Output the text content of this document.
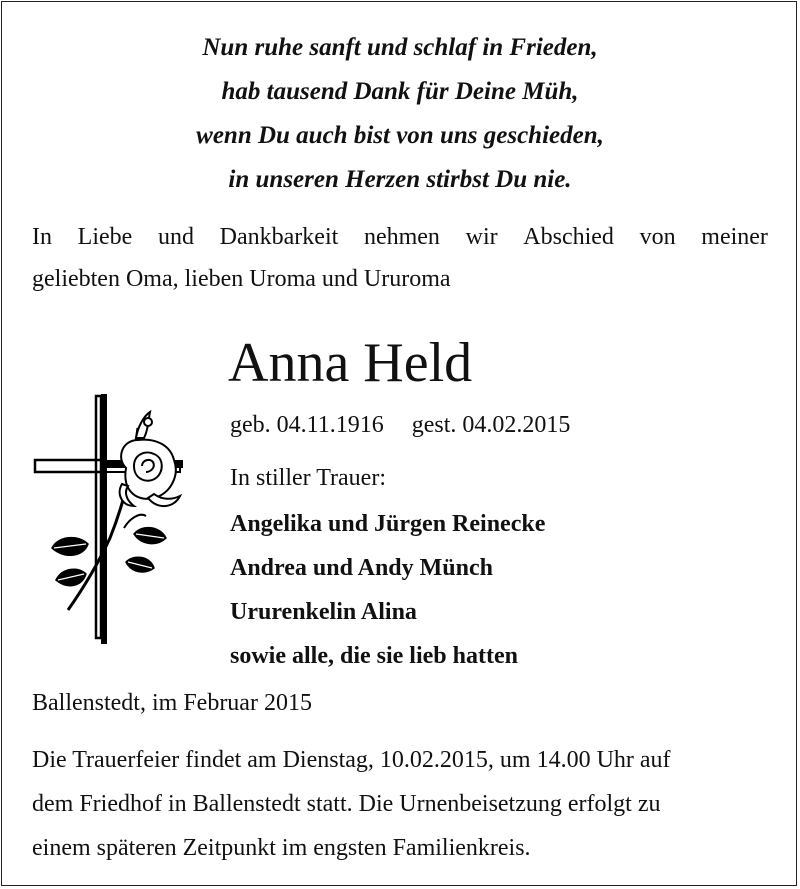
Nun ruhe sanft und schlaf in Frieden,
hab tausend Dank für Deine Müh,
wenn Du auch bist von uns geschieden,
in unseren Herzen stirbst Du nie.
In Liebe und Dankbarkeit nehmen wir Abschied von meiner
geliebten Oma, lieben Uroma und Ururoma
Anna Held
geb. 04.11.1916 gest. 04.02.2015
In stiller Trauer:
Angelika und Jürgen Reinecke
Andrea und Andy Münch
Ururenkelin Alina
sowie alle, die sie lieb hatten
Ballenstedt, im Februar 2015
Die Trauerfeier findet am Dienstag, 10.02.2015, um 14.00 Uhr auf
dem Friedhof in Ballenstedt statt. Die Urnenbeisetzung erfolgt zu
einem späteren Zeitpunkt im engsten Familienkreis.
